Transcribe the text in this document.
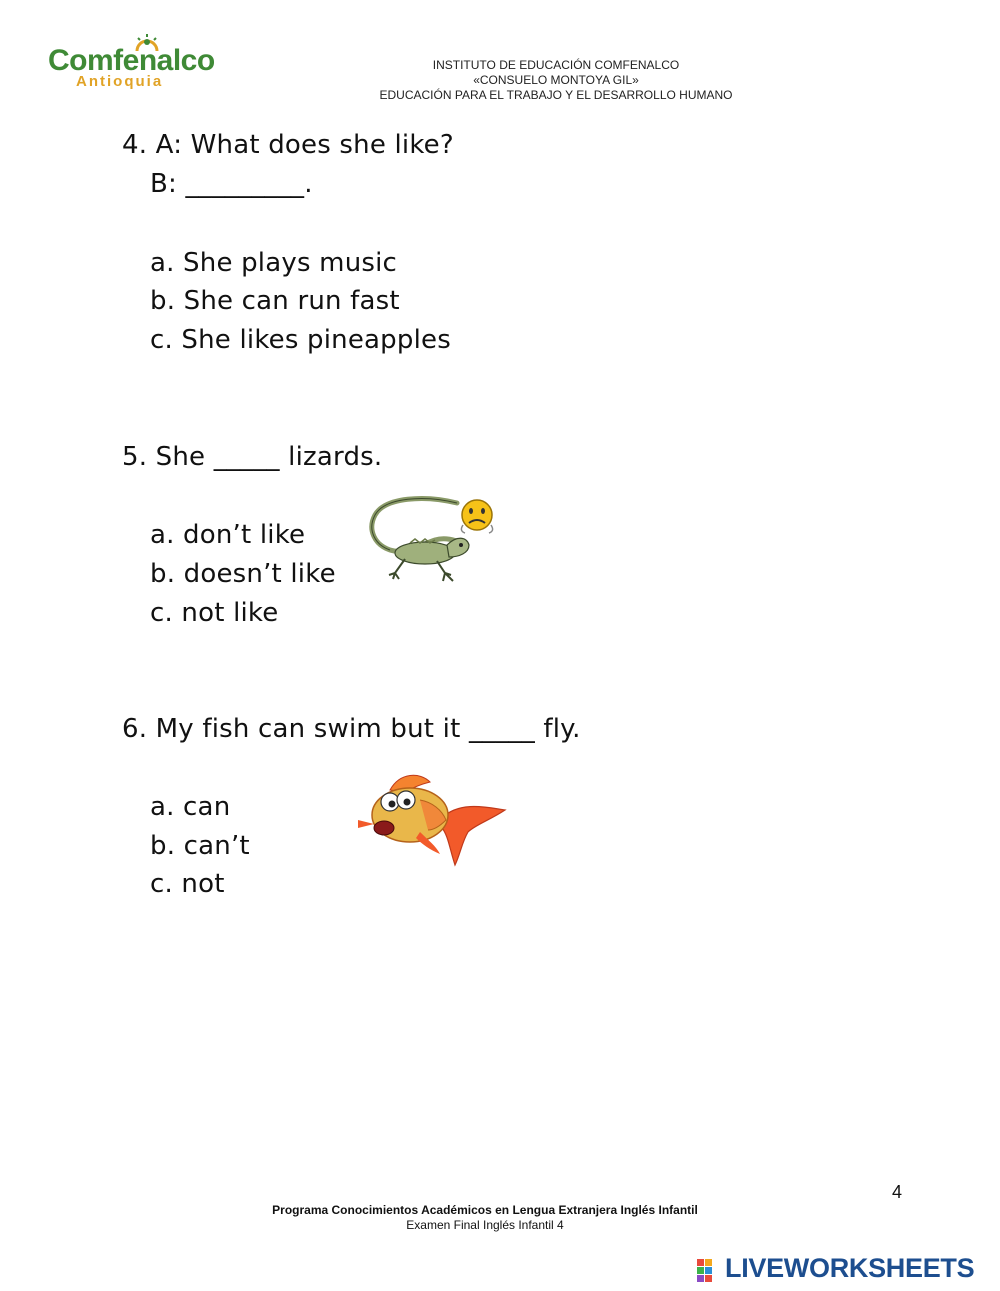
Comfenalco
Antioquia
INSTITUTO DE EDUCACIÓN COMFENALCO
«CONSUELO MONTOYA GIL»
EDUCACIÓN PARA EL TRABAJO Y EL DESARROLLO HUMANO
4. A: What does she like?
B: _________.
a. She plays music
b. She can run fast
c. She likes pineapples
5. She _____ lizards.
a. don’t like
b. doesn’t like
c. not like
6. My fish can swim but it _____ fly.
a. can
b. can’t
c. not
4
Programa Conocimientos Académicos en Lengua Extranjera Inglés Infantil
Examen Final Inglés Infantil 4
LIVEWORKSHEETS
